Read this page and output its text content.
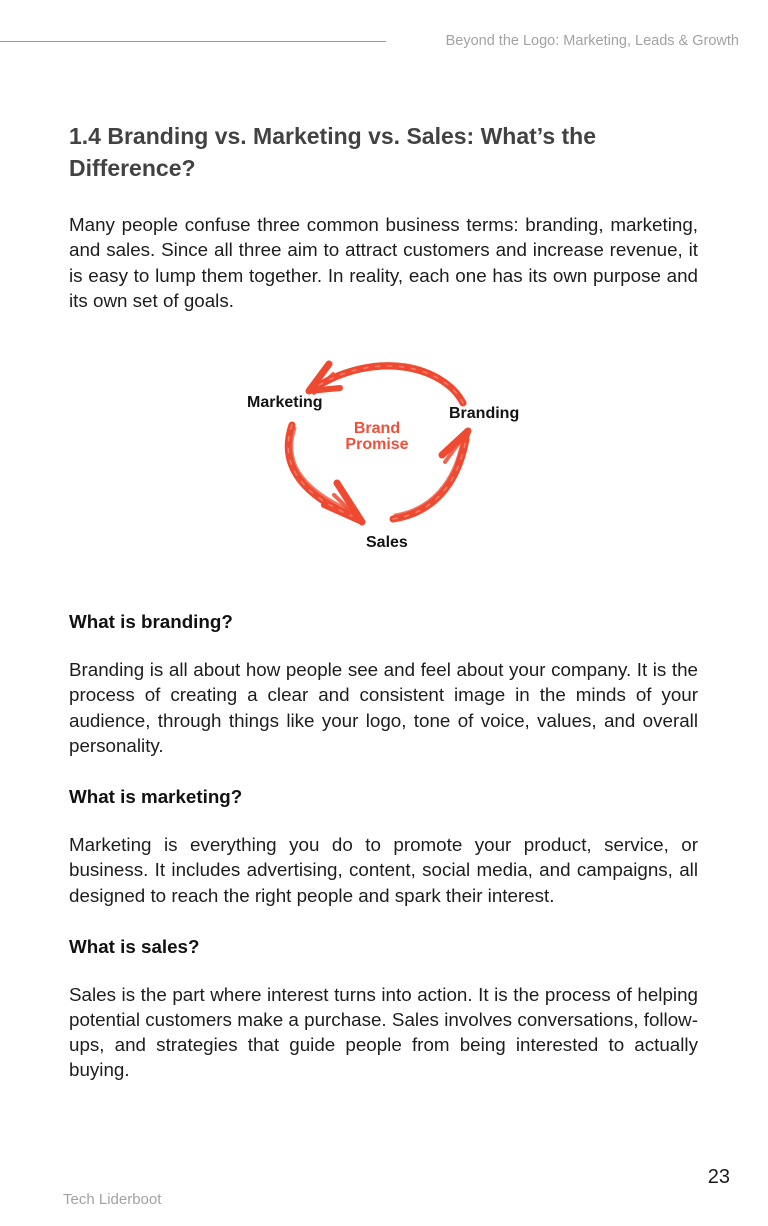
Beyond the Logo: Marketing, Leads & Growth
1.4 Branding vs. Marketing vs. Sales: What’s the Difference?

Many people confuse three common business terms: branding, marketing, and sales. Since all three aim to attract customers and increase revenue, it is easy to lump them together. In reality, each one has its own purpose and its own set of goals.

Marketing
Branding
Sales
Brand
Promise
What is branding?

Branding is all about how people see and feel about your company. It is the process of creating a clear and consistent image in the minds of your audience, through things like your logo, tone of voice, values, and overall personality.

What is marketing?

Marketing is everything you do to promote your product, service, or business. It includes advertising, content, social media, and campaigns, all designed to reach the right people and spark their interest.

What is sales?

Sales is the part where interest turns into action. It is the process of helping potential customers make a purchase. Sales involves conversations, follow-ups, and strategies that guide people from being interested to actually buying.

Tech Liderboot
23
